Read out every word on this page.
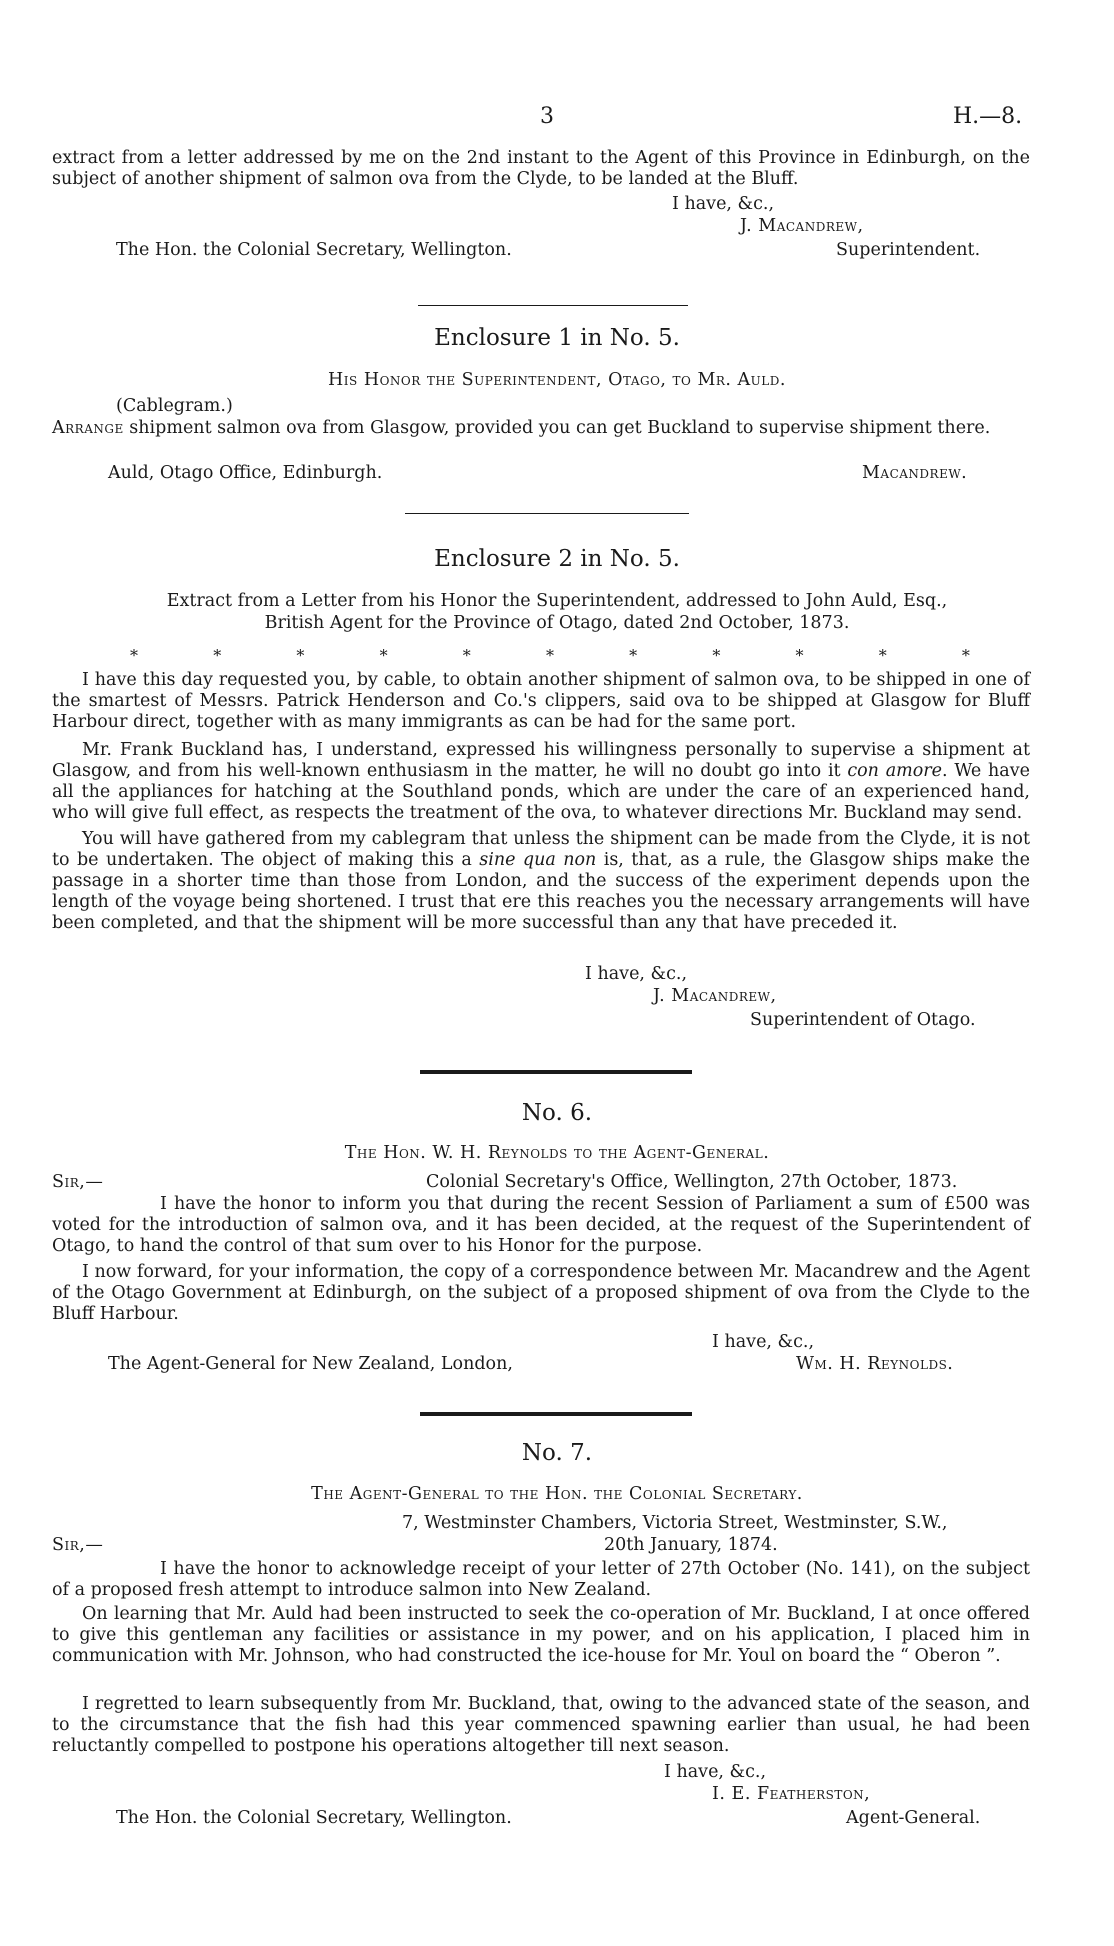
3	H.—8.

extract from a letter addressed by me on the 2nd instant to the Agent of this Province in Edinburgh, on the subject of another shipment of salmon ova from the Clyde, to be landed at the Bluff.

I have, &c.,
J. Macandrew,
The Hon. the Colonial Secretary, Wellington.	Superintendent.
Enclosure 1 in No. 5.
His Honor the Superintendent, Otago, to Mr. Auld.
(Cablegram.)

Arrange shipment salmon ova from Glasgow, provided you can get Buckland to supervise shipment there.

Auld, Otago Office, Edinburgh.	Macandrew.
Enclosure 2 in No. 5.
Extract from a Letter from his Honor the Superintendent, addressed to John Auld, Esq.,
British Agent for the Province of Otago, dated 2nd October, 1873.
*	*	*	*	*	*	*	*	*	*	*

I have this day requested you, by cable, to obtain another shipment of salmon ova, to be shipped in one of the smartest of Messrs. Patrick Henderson and Co.'s clippers, said ova to be shipped at Glasgow for Bluff Harbour direct, together with as many immigrants as can be had for the same port.

Mr. Frank Buckland has, I understand, expressed his willingness personally to supervise a shipment at Glasgow, and from his well-known enthusiasm in the matter, he will no doubt go into it con amore. We have all the appliances for hatching at the Southland ponds, which are under the care of an experienced hand, who will give full effect, as respects the treatment of the ova, to whatever directions Mr. Buckland may send.

You will have gathered from my cablegram that unless the shipment can be made from the Clyde, it is not to be undertaken. The object of making this a sine qua non is, that, as a rule, the Glasgow ships make the passage in a shorter time than those from London, and the success of the experiment depends upon the length of the voyage being shortened. I trust that ere this reaches you the necessary arrangements will have been completed, and that the shipment will be more successful than any that have preceded it.

I have, &c.,
J. Macandrew,
Superintendent of Otago.
No. 6.
The Hon. W. H. Reynolds to the Agent-General.
Sir,—	Colonial Secretary's Office, Wellington, 27th October, 1873.

I have the honor to inform you that during the recent Session of Parliament a sum of £500 was voted for the introduction of salmon ova, and it has been decided, at the request of the Superintendent of Otago, to hand the control of that sum over to his Honor for the purpose.

I now forward, for your information, the copy of a correspondence between Mr. Macandrew and the Agent of the Otago Government at Edinburgh, on the subject of a proposed shipment of ova from the Clyde to the Bluff Harbour.

I have, &c.,
The Agent-General for New Zealand, London,	Wm. H. Reynolds.
No. 7.
The Agent-General to the Hon. the Colonial Secretary.
7, Westminster Chambers, Victoria Street, Westminster, S.W.,
Sir,—	20th January, 1874.

I have the honor to acknowledge receipt of your letter of 27th October (No. 141), on the subject of a proposed fresh attempt to introduce salmon into New Zealand.

On learning that Mr. Auld had been instructed to seek the co-operation of Mr. Buckland, I at once offered to give this gentleman any facilities or assistance in my power, and on his application, I placed him in communication with Mr. Johnson, who had constructed the ice-house for Mr. Youl on board the “ Oberon ”.

I regretted to learn subsequently from Mr. Buckland, that, owing to the advanced state of the season, and to the circumstance that the fish had this year commenced spawning earlier than usual, he had been reluctantly compelled to postpone his operations altogether till next season.

I have, &c.,
I. E. Featherston,
The Hon. the Colonial Secretary, Wellington.	Agent-General.
